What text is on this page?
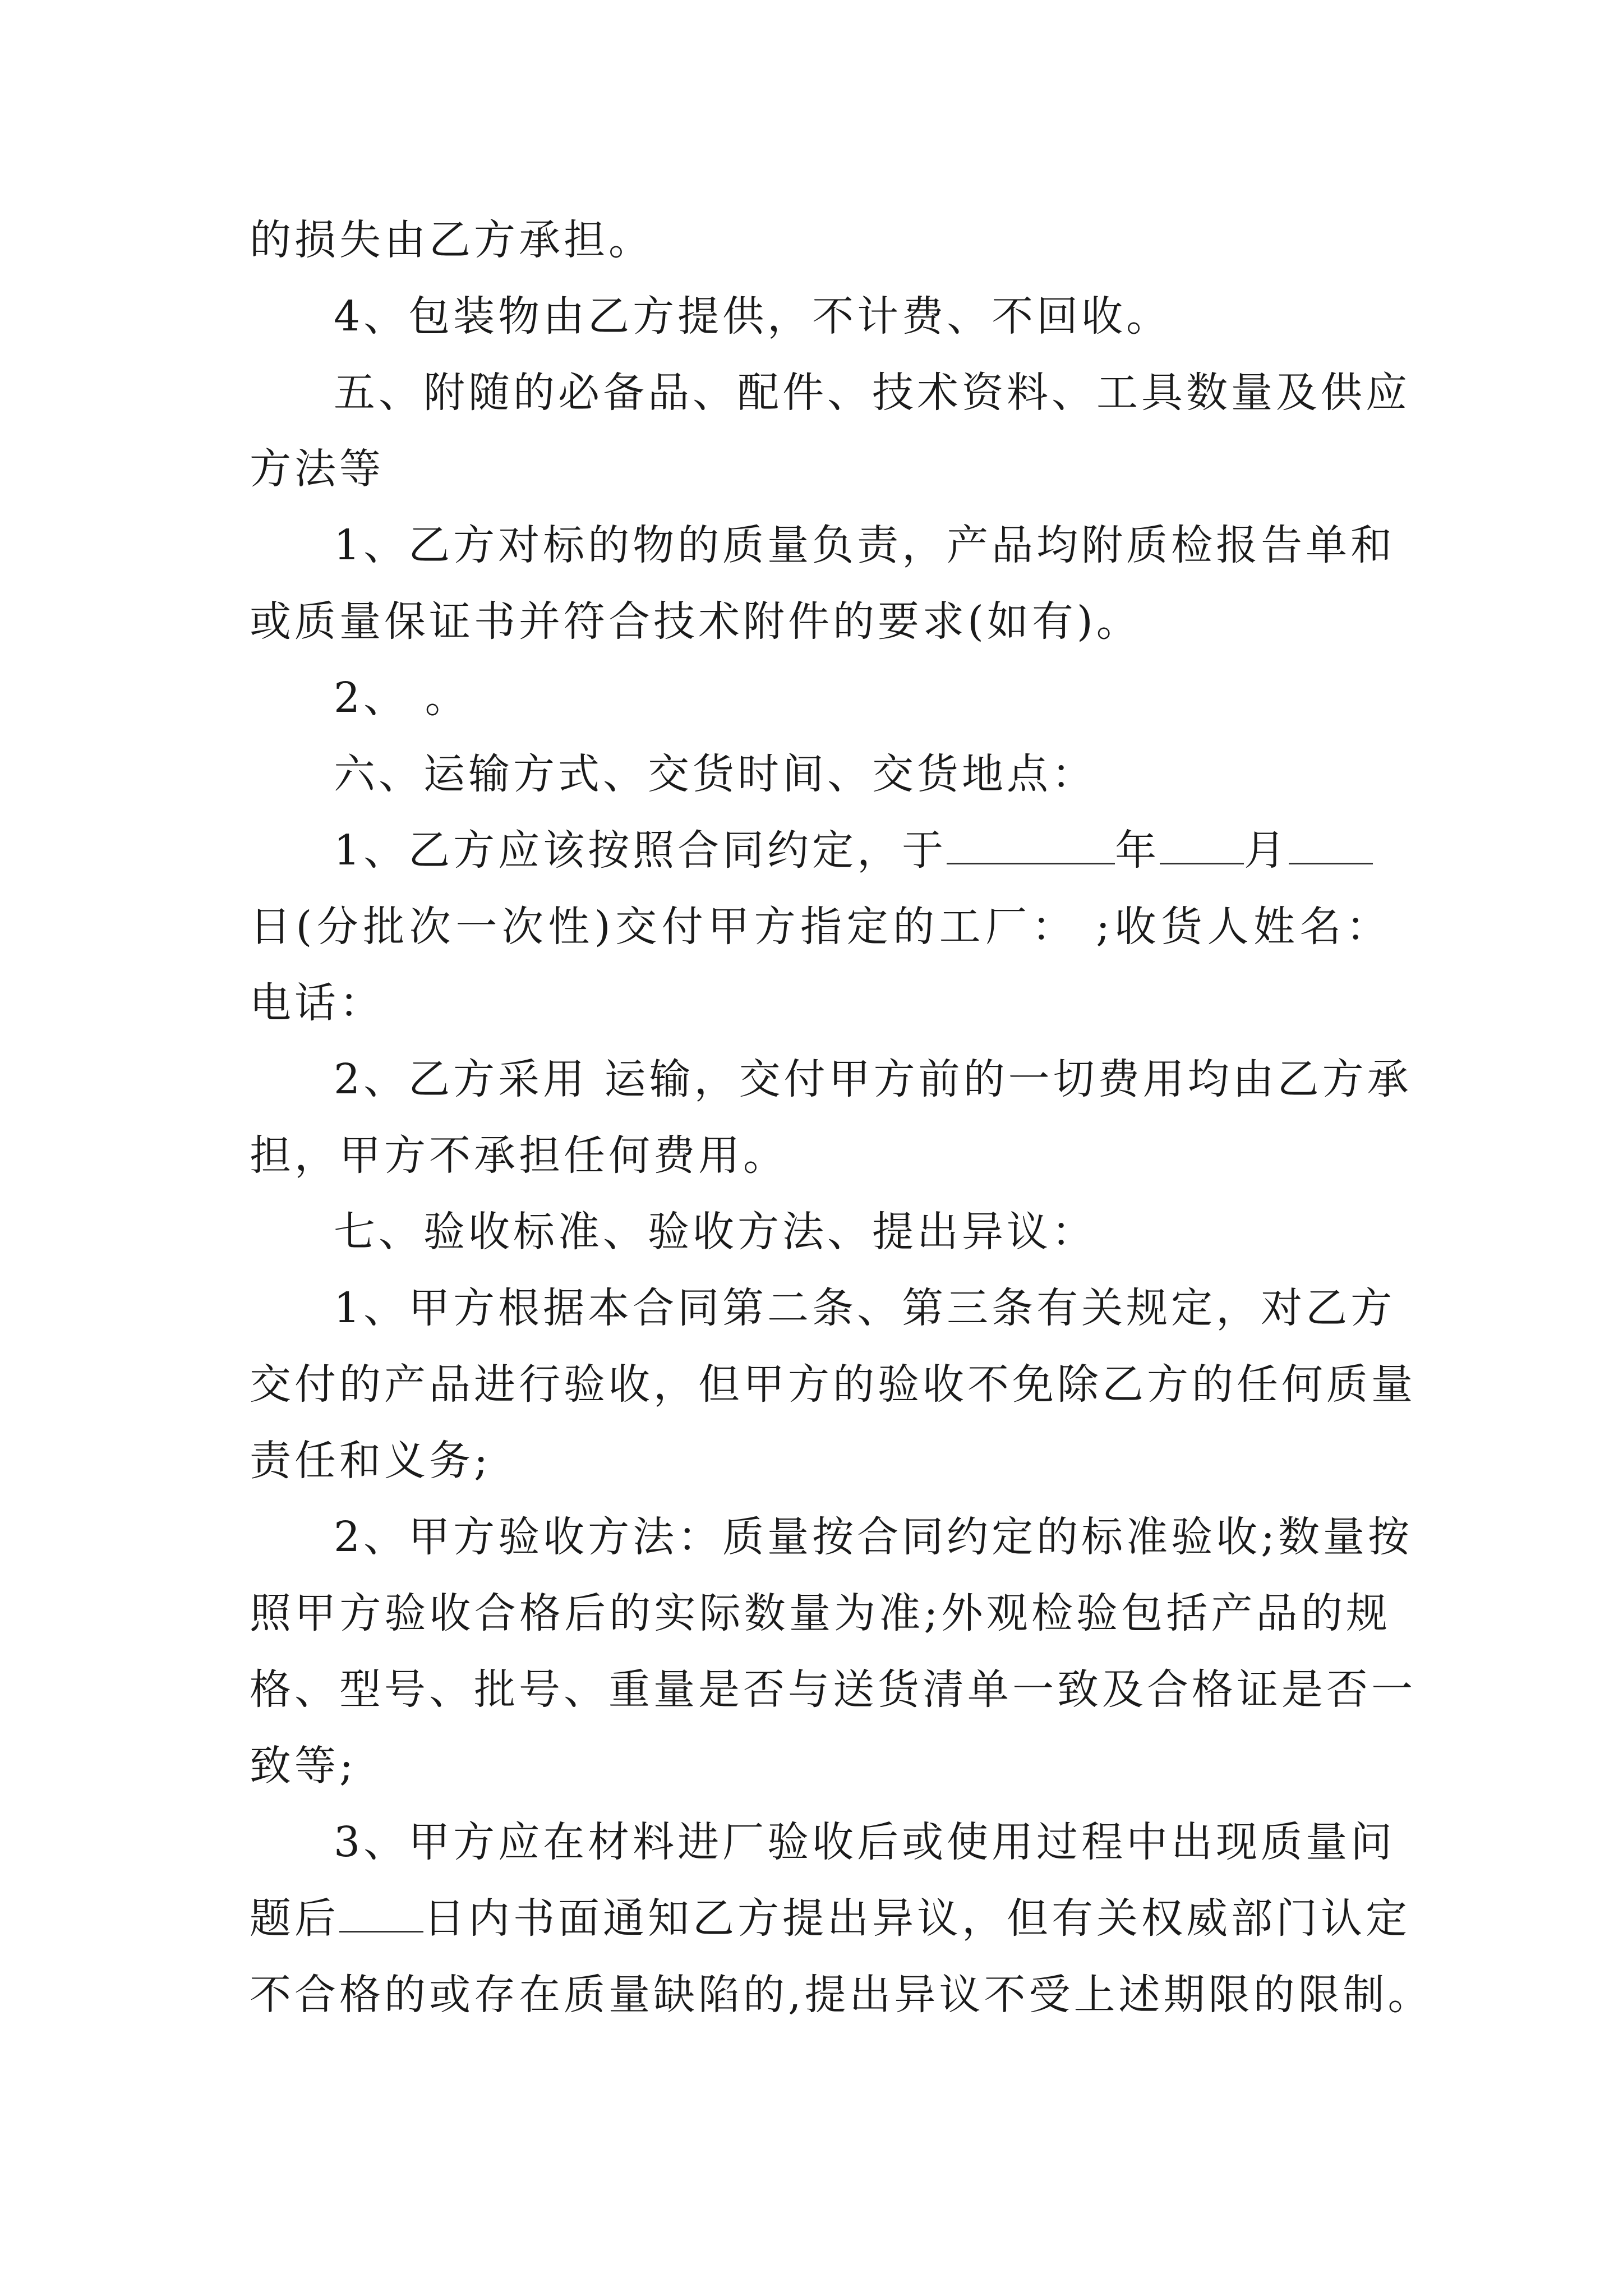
的损失由乙方承担。
4、包装物由乙方提供，不计费、不回收。
五、附随的必备品、配件、技术资料、工具数量及供应
方法等
1、乙方对标的物的质量负责，产品均附质检报告单和
或质量保证书并符合技术附件的要求(如有)。
2、 。
六、运输方式、交货时间、交货地点：
1、乙方应该按照合同约定，于	年 月
日(分批次一次性)交付甲方指定的工厂： ;收货人姓名：
电话：
2、乙方采用 运输，交付甲方前的一切费用均由乙方承
担，甲方不承担任何费用。
七、验收标准、验收方法、提出异议：
1、甲方根据本合同第二条、第三条有关规定，对乙方
交付的产品进行验收，但甲方的验收不免除乙方的任何质量
责任和义务;
2、甲方验收方法：质量按合同约定的标准验收;数量按
照甲方验收合格后的实际数量为准;外观检验包括产品的规
格、型号、批号、重量是否与送货清单一致及合格证是否一
致等;
3、甲方应在材料进厂验收后或使用过程中出现质量问
题后 日内书面通知乙方提出异议，但有关权威部门认定
不合格的或存在质量缺陷的,提出异议不受上述期限的限制。
